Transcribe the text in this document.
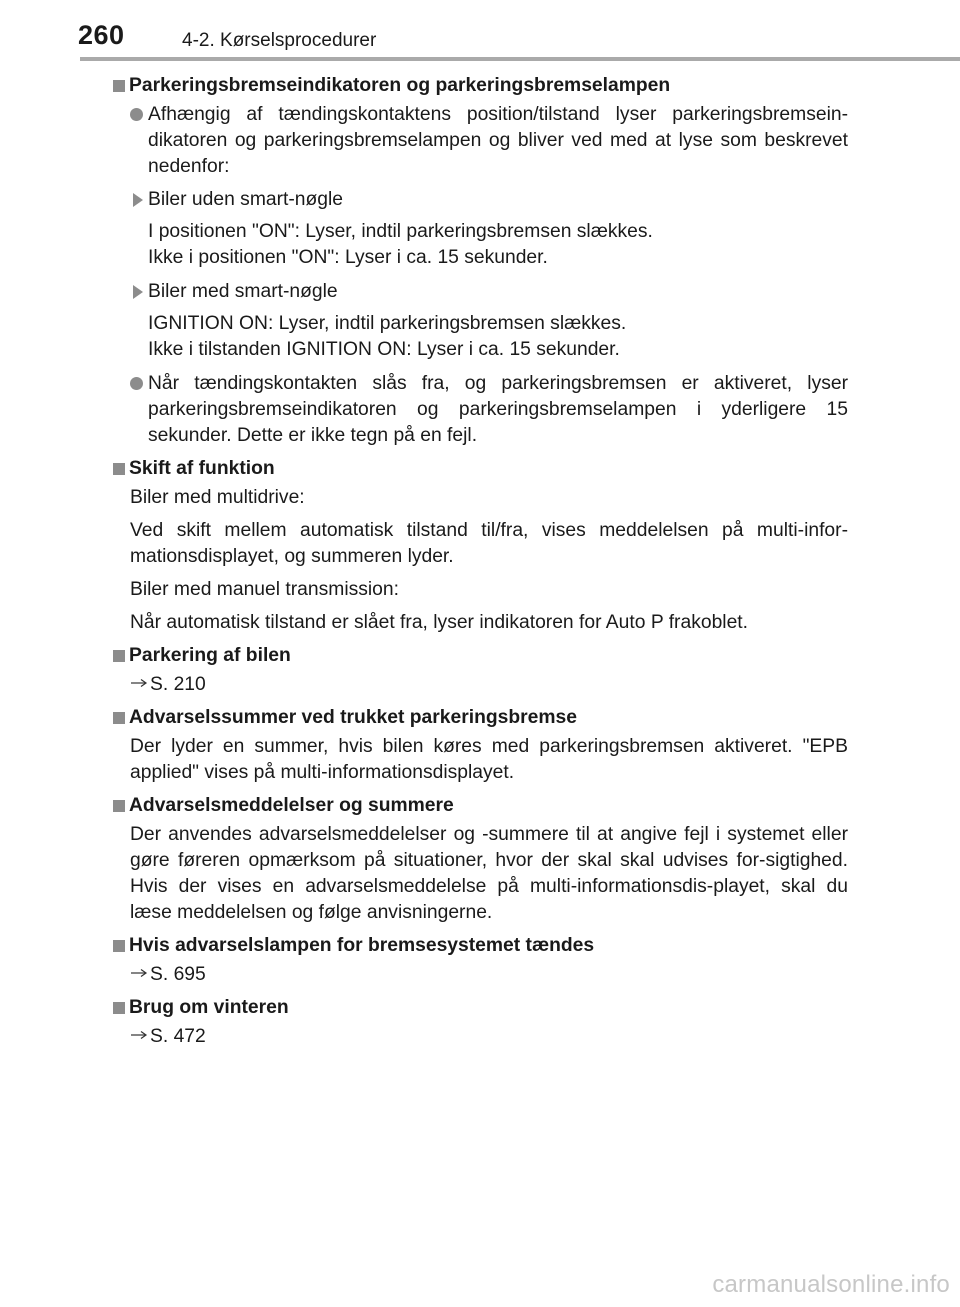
260	4-2. Kørselsprocedurer
Parkeringsbremseindikatoren og parkeringsbremselampen
Afhængig af tændingskontaktens position/tilstand lyser parkeringsbremsein-dikatoren og parkeringsbremselampen og bliver ved med at lyse som beskrevet nedenfor:
Biler uden smart-nøgle
I positionen "ON": Lyser, indtil parkeringsbremsen slækkes.
Ikke i positionen "ON": Lyser i ca. 15 sekunder.
Biler med smart-nøgle
IGNITION ON: Lyser, indtil parkeringsbremsen slækkes.
Ikke i tilstanden IGNITION ON: Lyser i ca. 15 sekunder.
Når tændingskontakten slås fra, og parkeringsbremsen er aktiveret, lyser parkeringsbremseindikatoren og parkeringsbremselampen i yderligere 15 sekunder. Dette er ikke tegn på en fejl.
Skift af funktion
Biler med multidrive:
Ved skift mellem automatisk tilstand til/fra, vises meddelelsen på multi-infor-mationsdisplayet, og summeren lyder.
Biler med manuel transmission:
Når automatisk tilstand er slået fra, lyser indikatoren for Auto P frakoblet.
Parkering af bilen
S. 210
Advarselssummer ved trukket parkeringsbremse
Der lyder en summer, hvis bilen køres med parkeringsbremsen aktiveret. "EPB applied" vises på multi-informationsdisplayet.
Advarselsmeddelelser og summere
Der anvendes advarselsmeddelelser og -summere til at angive fejl i systemet eller gøre føreren opmærksom på situationer, hvor der skal skal udvises for-sigtighed. Hvis der vises en advarselsmeddelelse på multi-informationsdis-playet, skal du læse meddelelsen og følge anvisningerne.
Hvis advarselslampen for bremsesystemet tændes
S. 695
Brug om vinteren
S. 472
carmanualsonline.info
